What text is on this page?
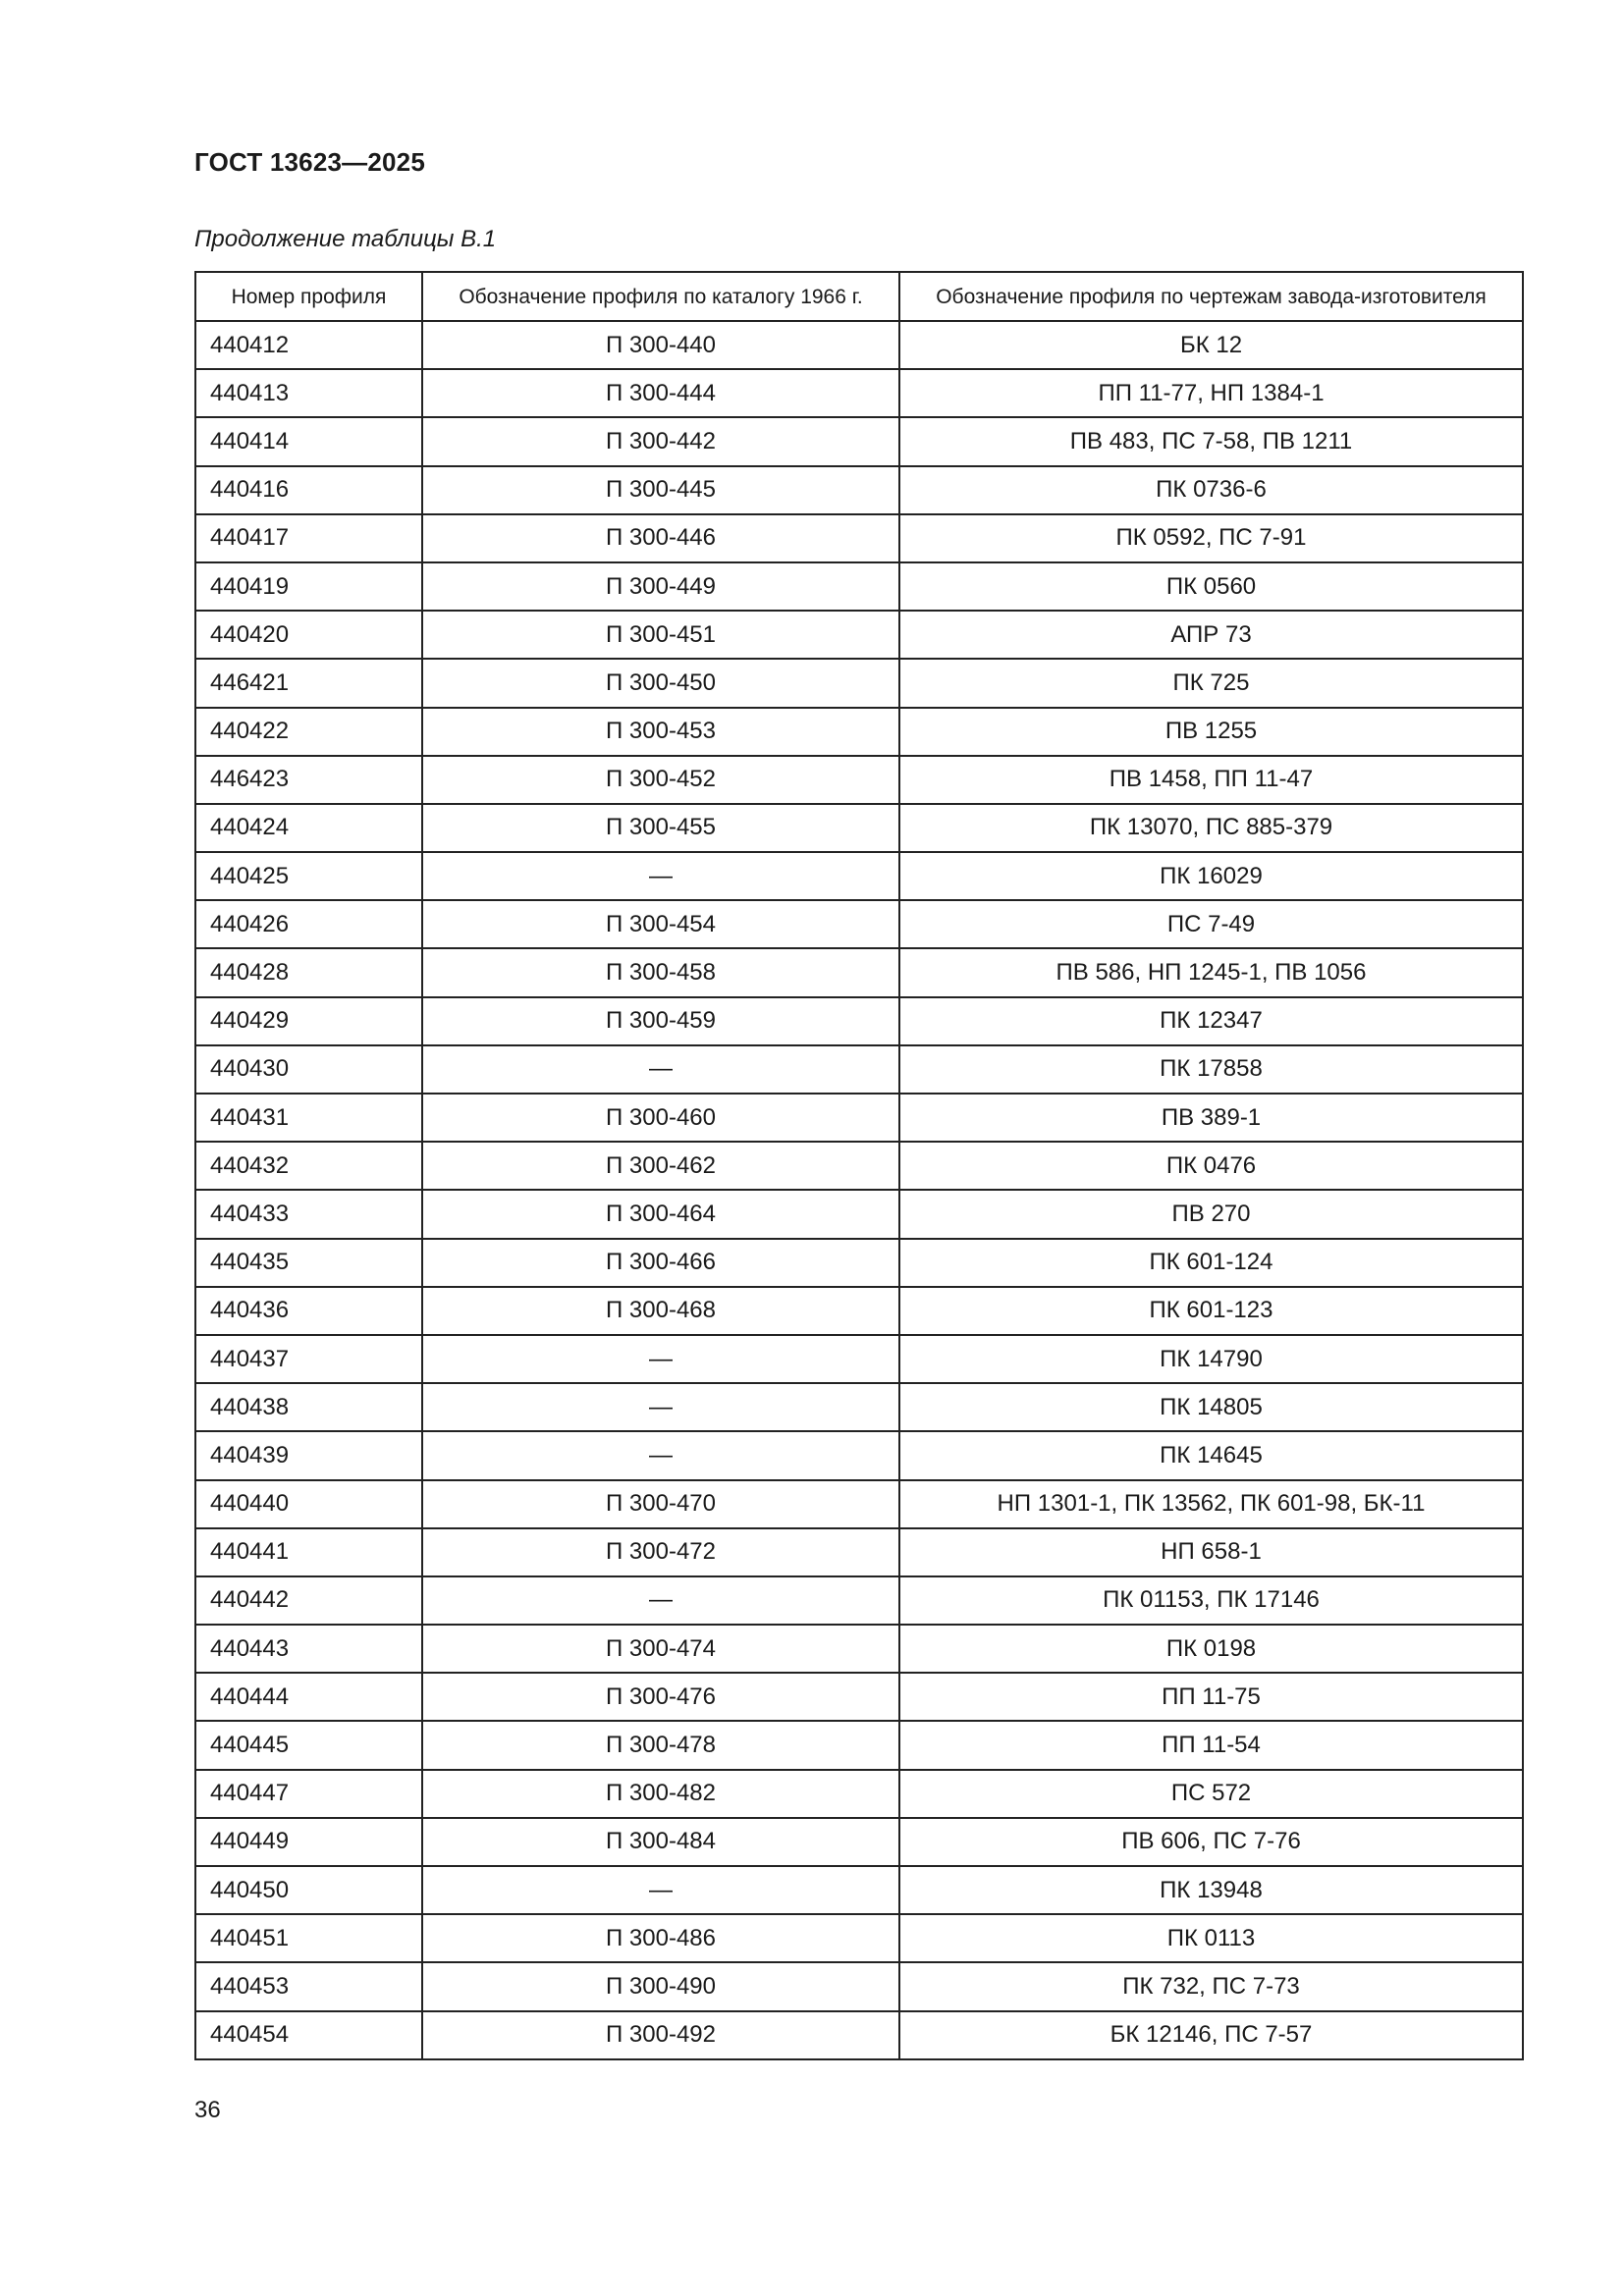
ГОСТ 13623—2025
Продолжение таблицы В.1
Номер профиля	Обозначение профиля по каталогу 1966 г.	Обозначение профиля по чертежам завода-изготовителя
440412	П 300-440	БК 12
440413	П 300-444	ПП 11-77, НП 1384-1
440414	П 300-442	ПВ 483, ПС 7-58, ПВ 1211
440416	П 300-445	ПК 0736-6
440417	П 300-446	ПК 0592, ПС 7-91
440419	П 300-449	ПК 0560
440420	П 300-451	АПР 73
446421	П 300-450	ПК 725
440422	П 300-453	ПВ 1255
446423	П 300-452	ПВ 1458, ПП 11-47
440424	П 300-455	ПК 13070, ПС 885-379
440425	—	ПК 16029
440426	П 300-454	ПС 7-49
440428	П 300-458	ПВ 586, НП 1245-1, ПВ 1056
440429	П 300-459	ПК 12347
440430	—	ПК 17858
440431	П 300-460	ПВ 389-1
440432	П 300-462	ПК 0476
440433	П 300-464	ПВ 270
440435	П 300-466	ПК 601-124
440436	П 300-468	ПК 601-123
440437	—	ПК 14790
440438	—	ПК 14805
440439	—	ПК 14645
440440	П 300-470	НП 1301-1, ПК 13562, ПК 601-98, БК-11
440441	П 300-472	НП 658-1
440442	—	ПК 01153, ПК 17146
440443	П 300-474	ПК 0198
440444	П 300-476	ПП 11-75
440445	П 300-478	ПП 11-54
440447	П 300-482	ПС 572
440449	П 300-484	ПВ 606, ПС 7-76
440450	—	ПК 13948
440451	П 300-486	ПК 0113
440453	П 300-490	ПК 732, ПС 7-73
440454	П 300-492	БК 12146, ПС 7-57
36
